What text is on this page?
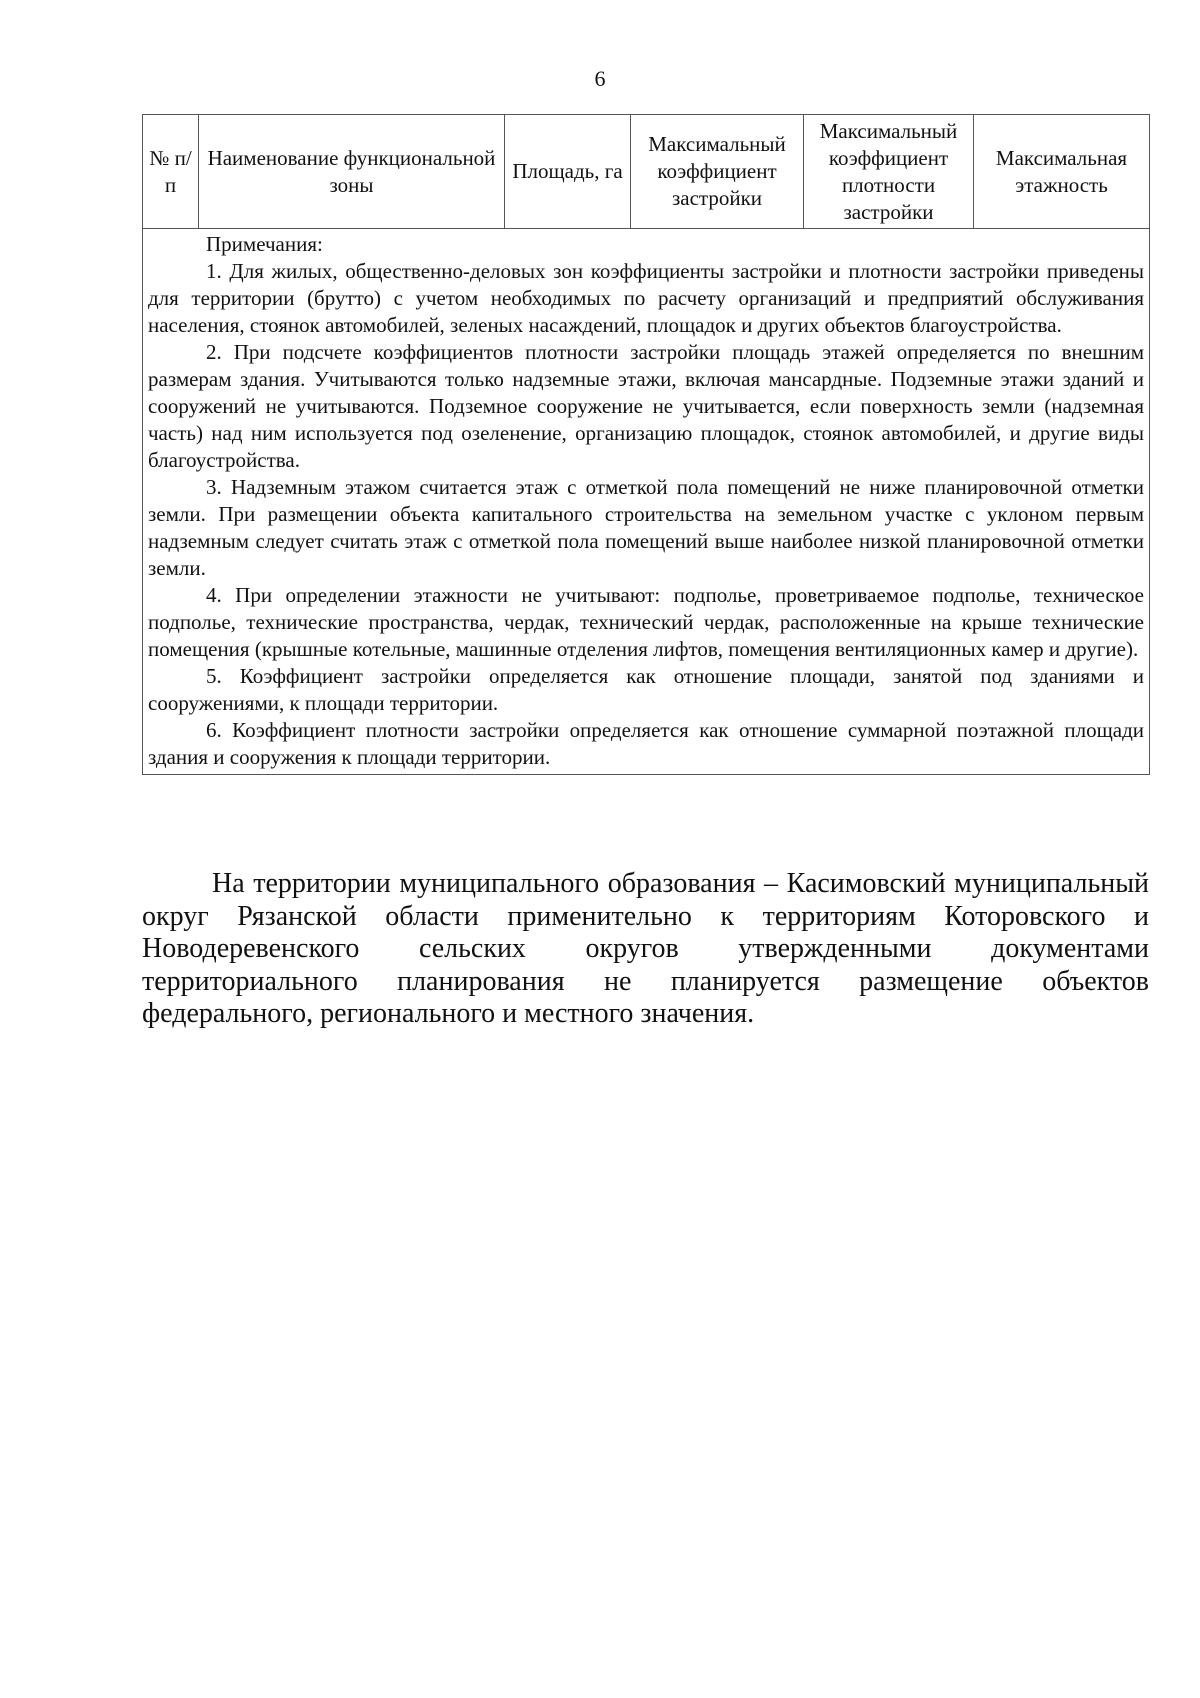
6
№ п/п	Наименование функциональной зоны	Площадь, га	Максимальный коэффициент застройки	Максимальный коэффициент плотности застройки	Максимальная этажность

Примечания:

1. Для жилых, общественно-деловых зон коэффициенты застройки и плотности застройки приведены для территории (брутто) с учетом необходимых по расчету организаций и предприятий обслуживания населения, стоянок автомобилей, зеленых насаждений, площадок и других объектов благоустройства.

2. При подсчете коэффициентов плотности застройки площадь этажей определяется по внешним размерам здания. Учитываются только надземные этажи, включая мансардные. Подземные этажи зданий и сооружений не учитываются. Подземное сооружение не учитывается, если поверхность земли (надземная часть) над ним используется под озеленение, организацию площадок, стоянок автомобилей, и другие виды благоустройства.

3. Надземным этажом считается этаж с отметкой пола помещений не ниже планировочной отметки земли. При размещении объекта капитального строительства на земельном участке с уклоном первым надземным следует считать этаж с отметкой пола помещений выше наиболее низкой планировочной отметки земли.

4. При определении этажности не учитывают: подполье, проветриваемое подполье, техническое подполье, технические пространства, чердак, технический чердак, расположенные на крыше технические помещения (крышные котельные, машинные отделения лифтов, помещения вентиляционных камер и другие).

5. Коэффициент застройки определяется как отношение площади, занятой под зданиями и сооружениями, к площади территории.

6. Коэффициент плотности застройки определяется как отношение суммарной поэтажной площади здания и сооружения к площади территории.

На территории муниципального образования – Касимовский муниципальный округ Рязанской области применительно к территориям Которовского и Новодеревенского сельских округов утвержденными документами территориального планирования не планируется размещение объектов федерального, регионального и местного значения.
